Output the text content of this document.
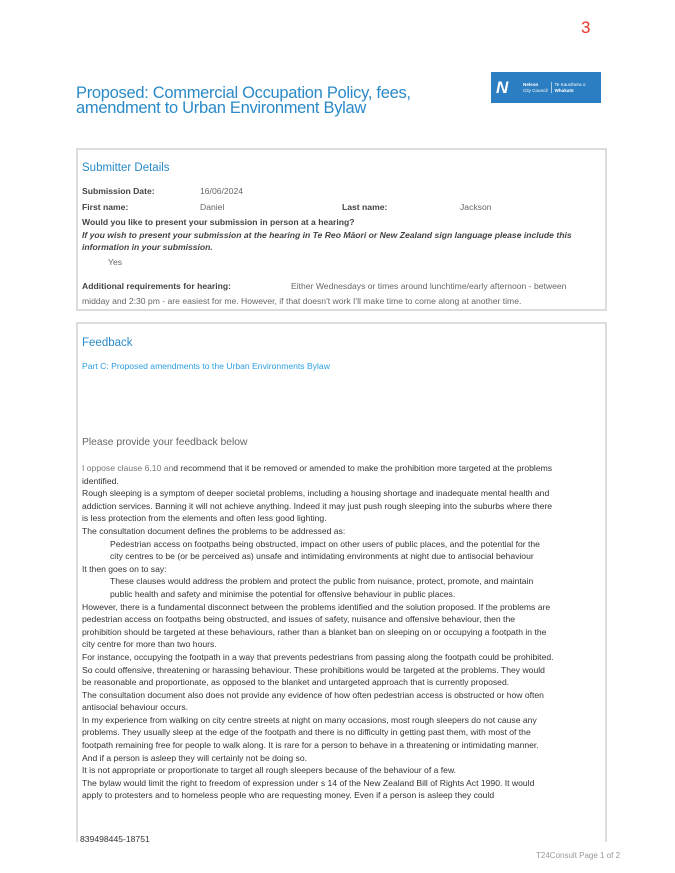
3
Proposed: Commercial Occupation Policy, fees, amendment to Urban Environment Bylaw
N	Nelson
City Council
Te Kaunihera o
Whakatū
Submitter Details
Submission Date:	16/06/2024
First name:	Daniel	Last name:	Jackson
Would you like to present your submission in person at a hearing?
If you wish to present your submission at the hearing in Te Reo Māori or New Zealand sign language please include this information in your submission.
Yes
Additional requirements for hearing:	Either Wednesdays or times around lunchtime/early afternoon - between
midday and 2:30 pm - are easiest for me. However, if that doesn't work I'll make time to come along at another time.
Feedback
Part C: Proposed amendments to the Urban Environments Bylaw
Please provide your feedback below

I oppose clause 6.10 and recommend that it be removed or amended to make the prohibition more targeted at the problems identified.

Rough sleeping is a symptom of deeper societal problems, including a housing shortage and inadequate mental health and addiction services. Banning it will not achieve anything. Indeed it may just push rough sleeping into the suburbs where there is less protection from the elements and often less good lighting.

The consultation document defines the problems to be addressed as:

Pedestrian access on footpaths being obstructed, impact on other users of public places, and the potential for the city centres to be (or be perceived as) unsafe and intimidating environments at night due to antisocial behaviour

It then goes on to say:

These clauses would address the problem and protect the public from nuisance, protect, promote, and maintain public health and safety and minimise the potential for offensive behaviour in public places.

However, there is a fundamental disconnect between the problems identified and the solution proposed. If the problems are pedestrian access on footpaths being obstructed, and issues of safety, nuisance and offensive behaviour, then the prohibition should be targeted at these behaviours, rather than a blanket ban on sleeping on or occupying a footpath in the city centre for more than two hours.

For instance, occupying the footpath in a way that prevents pedestrians from passing along the footpath could be prohibited. So could offensive, threatening or harassing behaviour. These prohibitions would be targeted at the problems. They would be reasonable and proportionate, as opposed to the blanket and untargeted approach that is currently proposed.

The consultation document also does not provide any evidence of how often pedestrian access is obstructed or how often antisocial behaviour occurs.

In my experience from walking on city centre streets at night on many occasions, most rough sleepers do not cause any problems. They usually sleep at the edge of the footpath and there is no difficulty in getting past them, with most of the footpath remaining free for people to walk along. It is rare for a person to behave in a threatening or intimidating manner. And if a person is asleep they will certainly not be doing so.

It is not appropriate or proportionate to target all rough sleepers because of the behaviour of a few.

The bylaw would limit the right to freedom of expression under s 14 of the New Zealand Bill of Rights Act 1990. It would apply to protesters and to homeless people who are requesting money. Even if a person is asleep they could

839498445-18751
T24Consult Page 1 of 2
